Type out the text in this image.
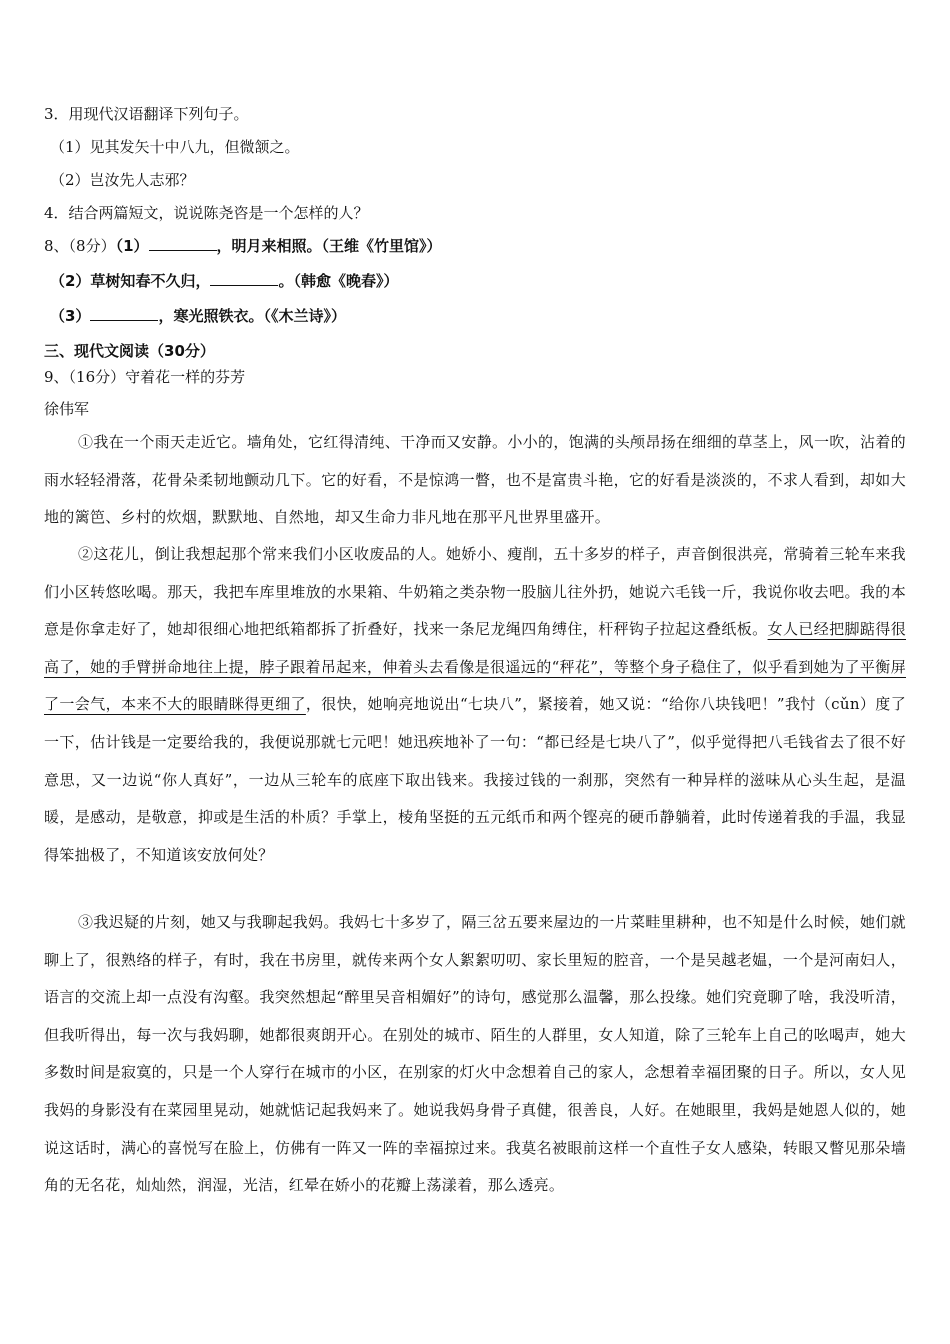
3．用现代汉语翻译下列句子。
（1）见其发矢十中八九，但微颔之。
（2）岂汝先人志邪？
4．结合两篇短文，说说陈尧咨是一个怎样的人？
8、（8分）（1）	，明月来相照。（王维《竹里馆》）
（2）草树知春不久归，	。（韩愈《晚春》）
（3）	，寒光照铁衣。（《木兰诗》）
三、现代文阅读（30分）
9、（16分）守着花一样的芬芳
徐伟军
①我在一个雨天走近它。墙角处，它红得清纯、干净而又安静。小小的，饱满的头颅昂扬在细细的草茎上，风一吹，沾着的雨水轻轻滑落，花骨朵柔韧地颤动几下。它的好看，不是惊鸿一瞥，也不是富贵斗艳，它的好看是淡淡的，不求人看到，却如大地的篱笆、乡村的炊烟，默默地、自然地，却又生命力非凡地在那平凡世界里盛开。
②这花儿，倒让我想起那个常来我们小区收废品的人。她娇小、瘦削，五十多岁的样子，声音倒很洪亮，常骑着三轮车来我们小区转悠吆喝。那天，我把车库里堆放的水果箱、牛奶箱之类杂物一股脑儿往外扔，她说六毛钱一斤，我说你收去吧。我的本意是你拿走好了，她却很细心地把纸箱都拆了折叠好，找来一条尼龙绳四角缚住，杆秤钩子拉起这叠纸板。女人已经把脚踮得很高了，她的手臂拼命地往上提，脖子跟着吊起来，伸着头去看像是很遥远的“秤花”，等整个身子稳住了，似乎看到她为了平衡屏了一会气，本来不大的眼睛眯得更细了，很快，她响亮地说出“七块八”，紧接着，她又说：“给你八块钱吧！”我忖（cǔn）度了一下，估计钱是一定要给我的，我便说那就七元吧！她迅疾地补了一句：“都已经是七块八了”，似乎觉得把八毛钱省去了很不好意思，又一边说“你人真好”，一边从三轮车的底座下取出钱来。我接过钱的一刹那，突然有一种异样的滋味从心头生起，是温暖，是感动，是敬意，抑或是生活的朴质？手掌上，棱角坚挺的五元纸币和两个铿亮的硬币静躺着，此时传递着我的手温，我显得笨拙极了，不知道该安放何处？
③我迟疑的片刻，她又与我聊起我妈。我妈七十多岁了，隔三岔五要来屋边的一片菜畦里耕种，也不知是什么时候，她们就聊上了，很熟络的样子，有时，我在书房里，就传来两个女人絮絮叨叨、家长里短的腔音，一个是吴越老媪，一个是河南妇人，语言的交流上却一点没有沟壑。我突然想起“醉里吴音相媚好”的诗句，感觉那么温馨，那么投缘。她们究竟聊了啥，我没听清，但我听得出，每一次与我妈聊，她都很爽朗开心。在别处的城市、陌生的人群里，女人知道，除了三轮车上自己的吆喝声，她大多数时间是寂寞的，只是一个人穿行在城市的小区，在别家的灯火中念想着自己的家人，念想着幸福团聚的日子。所以，女人见我妈的身影没有在菜园里晃动，她就惦记起我妈来了。她说我妈身骨子真健，很善良，人好。在她眼里，我妈是她恩人似的，她说这话时，满心的喜悦写在脸上，仿佛有一阵又一阵的幸福掠过来。我莫名被眼前这样一个直性子女人感染，转眼又瞥见那朵墙角的无名花，灿灿然，润湿，光洁，红晕在娇小的花瓣上荡漾着，那么透亮。
